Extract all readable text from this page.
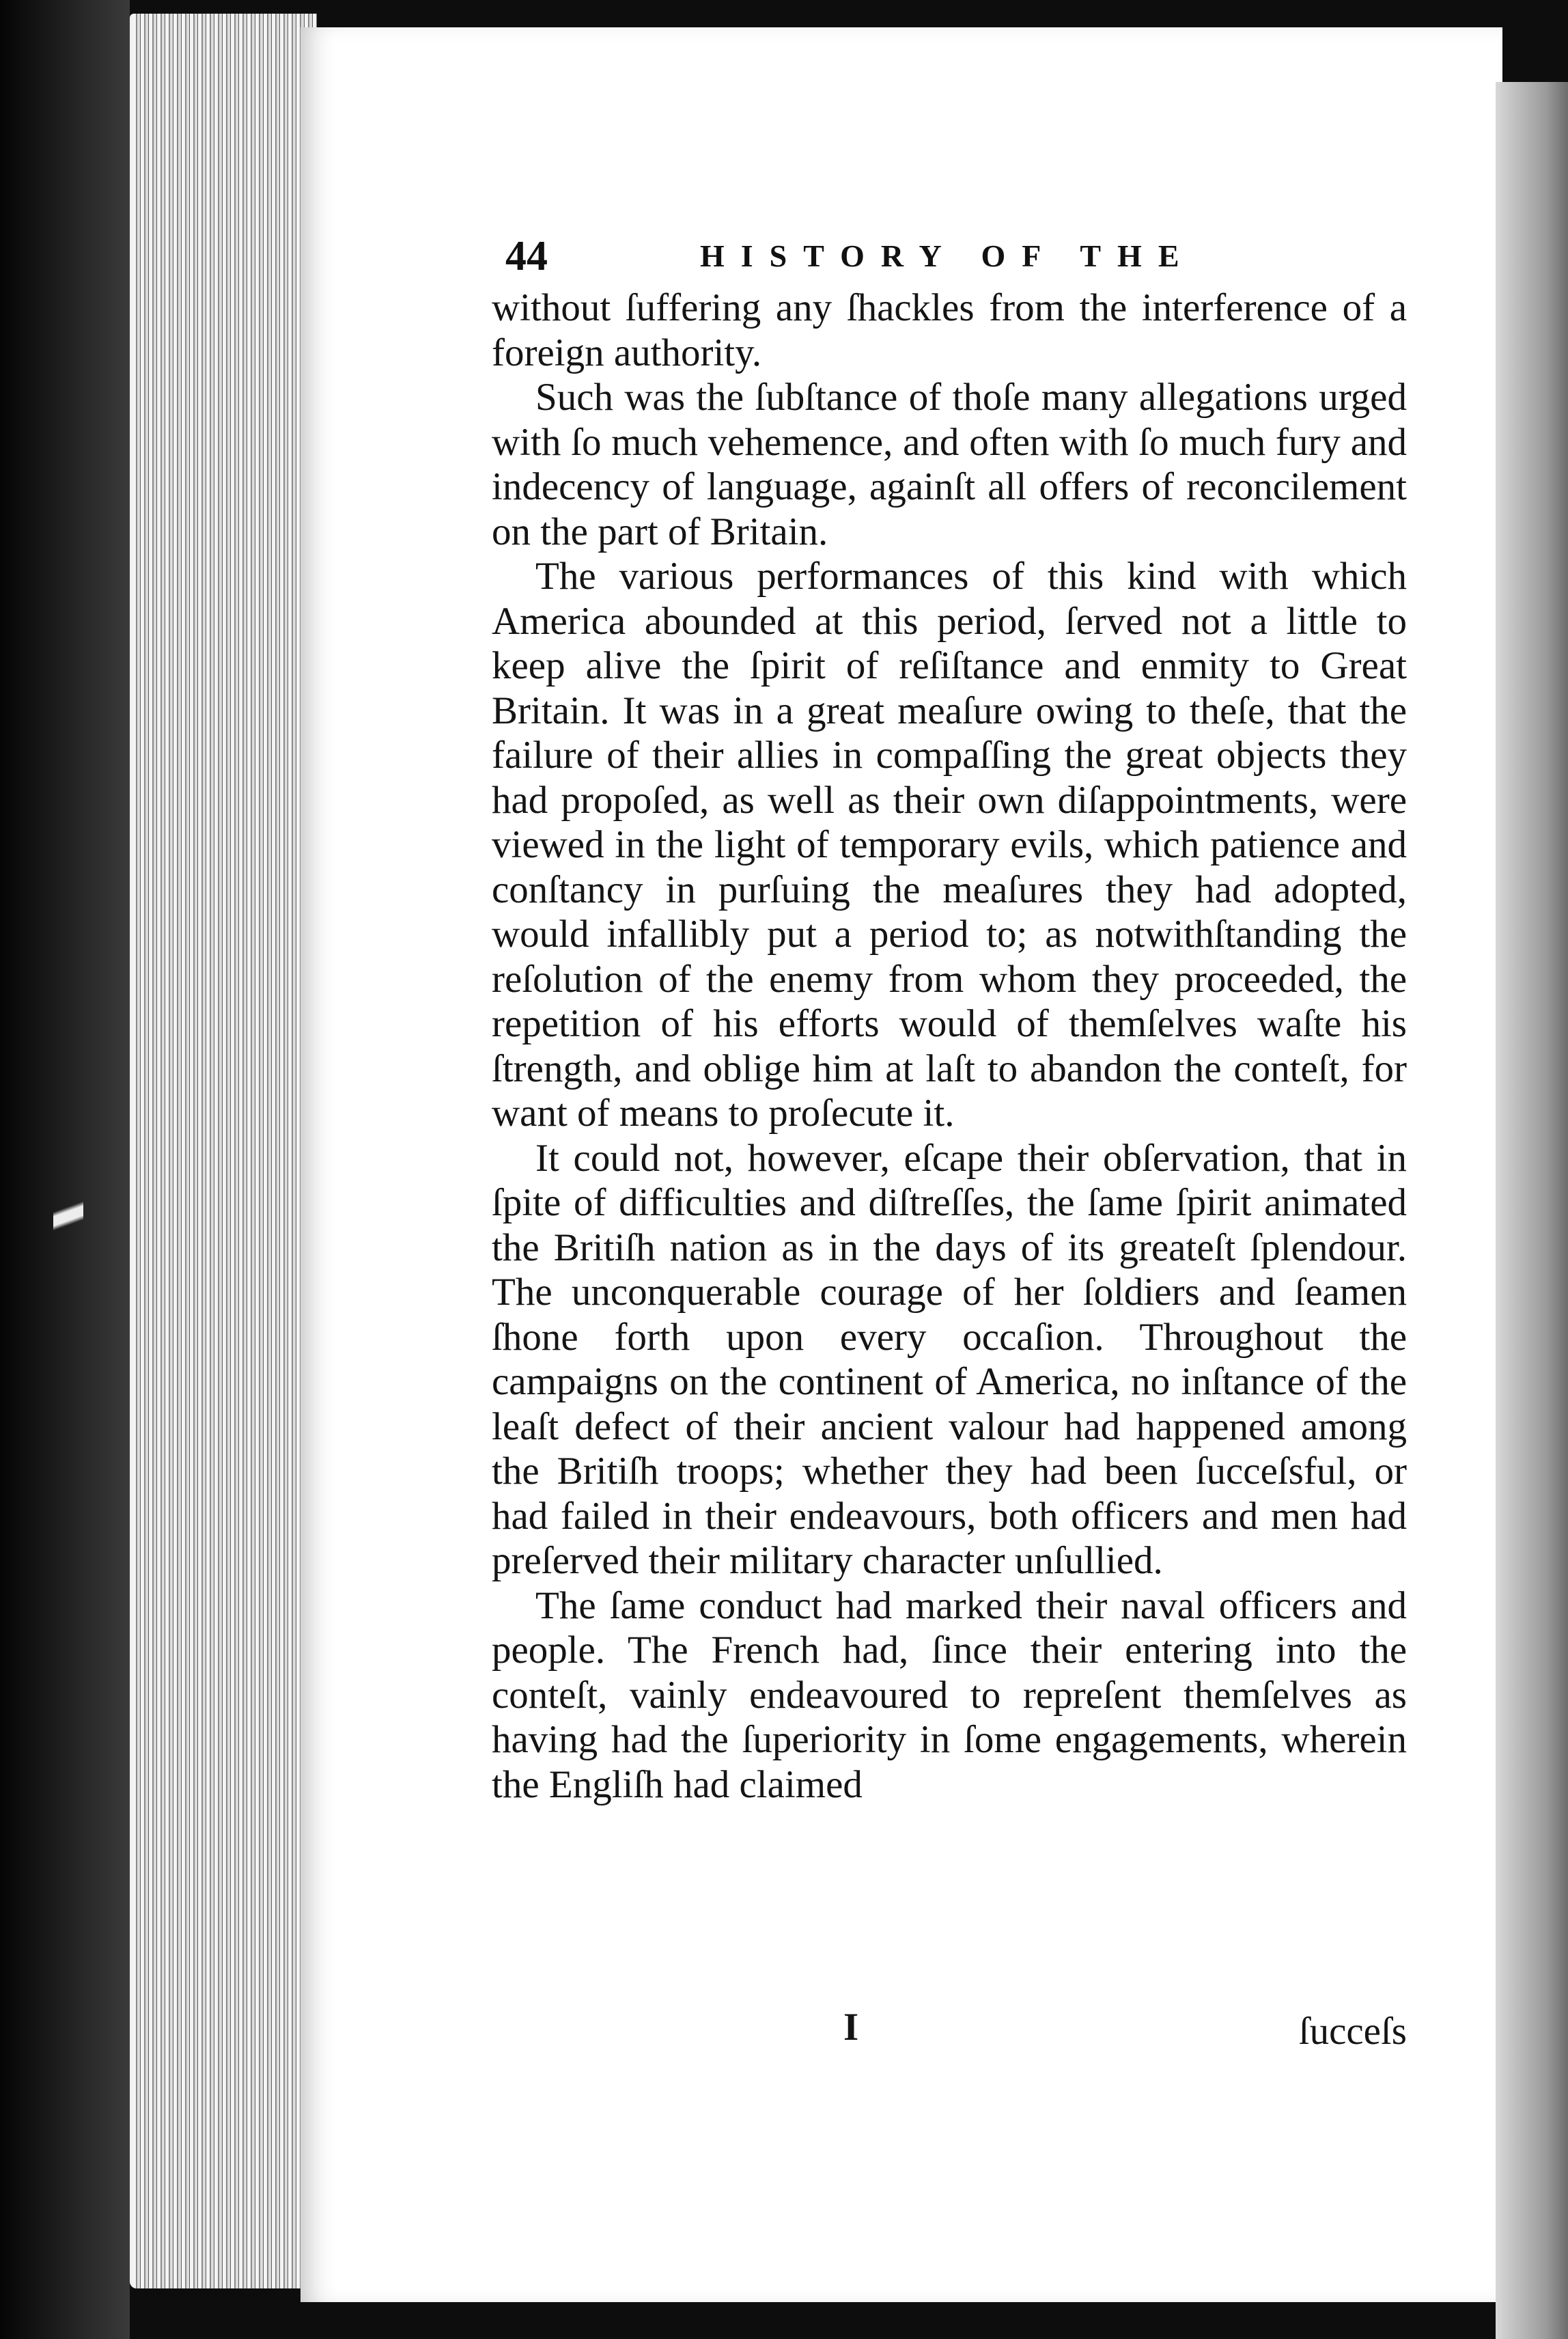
44	HISTORY OF THE

without ſuffering any ſhackles from the interference of a foreign authority.

Such was the ſubſtance of thoſe many allegations urged with ſo much vehemence, and often with ſo much fury and indecency of language, againſt all offers of reconcilement on the part of Britain.

The various performances of this kind with which America abounded at this period, ſerved not a little to keep alive the ſpirit of reſiſtance and enmity to Great Britain. It was in a great meaſure owing to theſe, that the failure of their allies in compaſſing the great objects they had propoſed, as well as their own diſappointments, were viewed in the light of temporary evils, which patience and conſtancy in purſuing the meaſures they had adopted, would infallibly put a period to; as notwithſtanding the reſolution of the enemy from whom they proceeded, the repetition of his efforts would of themſelves waſte his ſtrength, and oblige him at laſt to abandon the conteſt, for want of means to proſecute it.

It could not, however, eſcape their obſervation, that in ſpite of difficulties and diſtreſſes, the ſame ſpirit animated the Britiſh nation as in the days of its greateſt ſplendour. The unconquerable courage of her ſoldiers and ſeamen ſhone forth upon every occaſion. Throughout the campaigns on the continent of America, no inſtance of the leaſt defect of their ancient valour had happened among the Britiſh troops; whether they had been ſucceſsful, or had failed in their endeavours, both officers and men had preſerved their military character unſullied.

The ſame conduct had marked their naval officers and people. The French had, ſince their entering into the conteſt, vainly endeavoured to repreſent themſelves as having had the ſuperiority in ſome engagements, wherein the Engliſh had claimed

I	ſucceſs
